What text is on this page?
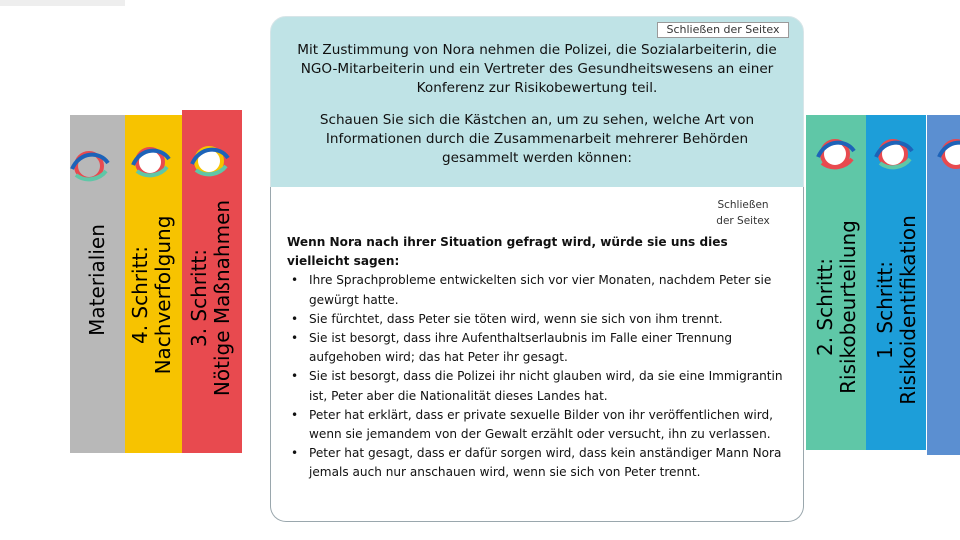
Materialien 4. Schritt: Nachverfolgung 3. Schritt: Nötige Maßnahmen	2. Schritt: Risikobeurteilung 1. Schritt: Risikoidentifikation
Schließen der Seitex
Mit Zustimmung von Nora nehmen die Polizei, die Sozialarbeiterin, die NGO-Mitarbeiterin und ein Vertreter des Gesundheitswesens an einer Konferenz zur Risikobewertung teil.
Schauen Sie sich die Kästchen an, um zu sehen, welche Art von Informationen durch die Zusammenarbeit mehrerer Behörden gesammelt werden können:
Schließen
der Seitex
Wenn Nora nach ihrer Situation gefragt wird, würde sie uns dies vielleicht sagen:
• Ihre Sprachprobleme entwickelten sich vor vier Monaten, nachdem Peter sie gewürgt hatte.
• Sie fürchtet, dass Peter sie töten wird, wenn sie sich von ihm trennt.
• Sie ist besorgt, dass ihre Aufenthaltserlaubnis im Falle einer Trennung aufgehoben wird; das hat Peter ihr gesagt.
• Sie ist besorgt, dass die Polizei ihr nicht glauben wird, da sie eine Immigrantin ist, Peter aber die Nationalität dieses Landes hat.
• Peter hat erklärt, dass er private sexuelle Bilder von ihr veröffentlichen wird, wenn sie jemandem von der Gewalt erzählt oder versucht, ihn zu verlassen.
• Peter hat gesagt, dass er dafür sorgen wird, dass kein anständiger Mann Nora jemals auch nur anschauen wird, wenn sie sich von Peter trennt.
